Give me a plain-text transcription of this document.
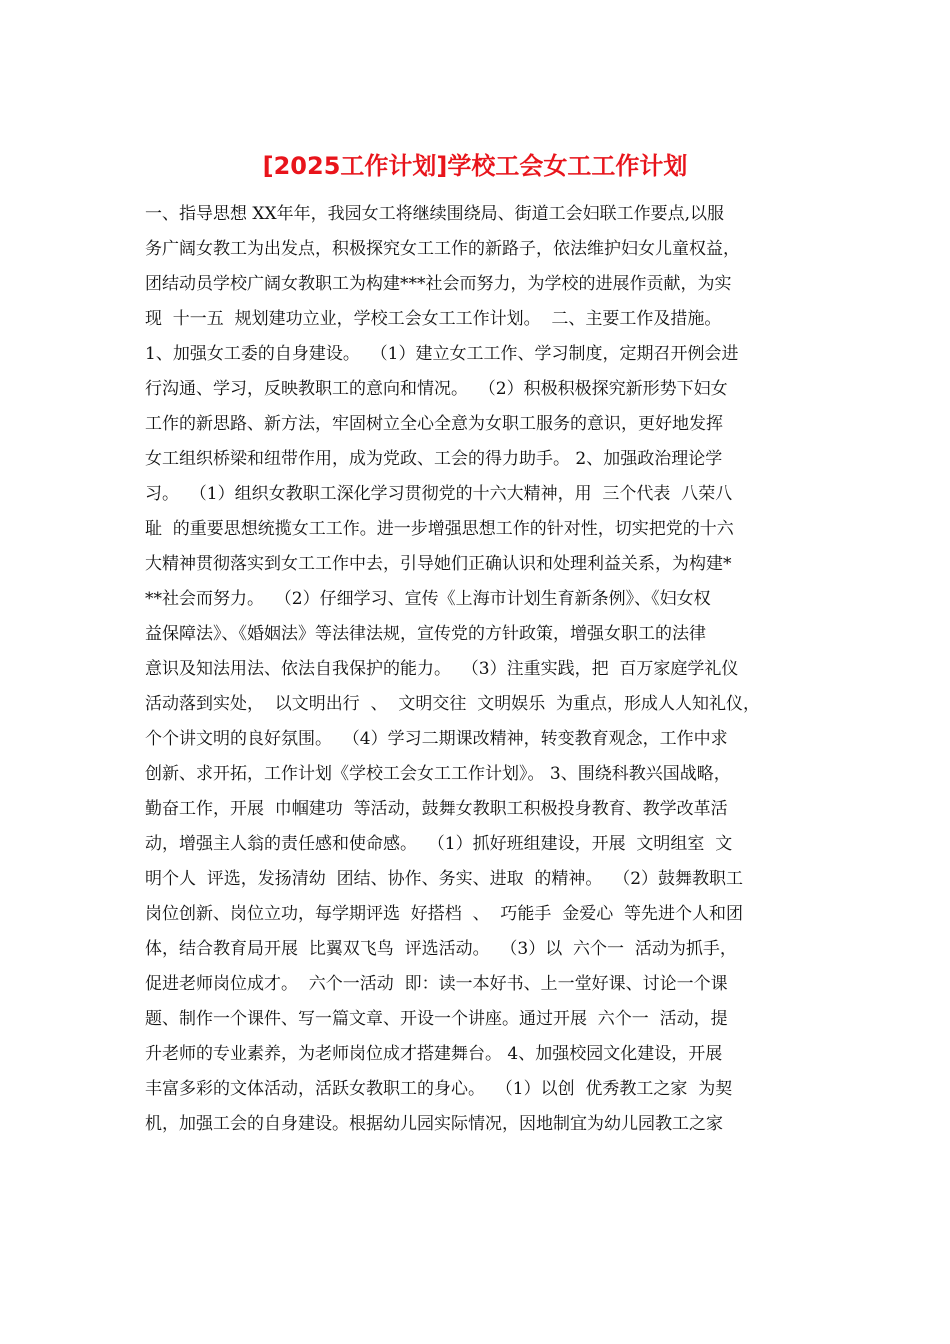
[2025工作计划]学校工会女工工作计划
一、指导思想 XX年年，我园女工将继续围绕局、街道工会妇联工作要点,以服
务广阔女教工为出发点，积极探究女工工作的新路子，依法维护妇女儿童权益，
团结动员学校广阔女教职工为构建***社会而努力，为学校的进展作贡献，为实
现  十一五  规划建功立业，学校工会女工工作计划。  二、主要工作及措施。
1、加强女工委的自身建设。  （1）建立女工工作、学习制度，定期召开例会进
行沟通、学习，反映教职工的意向和情况。  （2）积极积极探究新形势下妇女
工作的新思路、新方法，牢固树立全心全意为女职工服务的意识，更好地发挥
女工组织桥梁和纽带作用，成为党政、工会的得力助手。 2、加强政治理论学
习。  （1）组织女教职工深化学习贯彻党的十六大精神，用  三个代表  八荣八
耻  的重要思想统揽女工工作。进一步增强思想工作的针对性，切实把党的十六
大精神贯彻落实到女工工作中去，引导她们正确认识和处理利益关系，为构建*
**社会而努力。  （2）仔细学习、宣传《上海市计划生育新条例》、《妇女权
益保障法》、《婚姻法》等法律法规，宣传党的方针政策，增强女职工的法律
意识及知法用法、依法自我保护的能力。  （3）注重实践，把  百万家庭学礼仪
活动落到实处，  以文明出行  、  文明交往  文明娱乐  为重点，形成人人知礼仪，
个个讲文明的良好氛围。  （4）学习二期课改精神，转变教育观念，工作中求
创新、求开拓，工作计划《学校工会女工工作计划》。 3、围绕科教兴国战略，
勤奋工作，开展  巾帼建功  等活动，鼓舞女教职工积极投身教育、教学改革活
动，增强主人翁的责任感和使命感。  （1）抓好班组建设，开展  文明组室  文
明个人  评选，发扬清幼  团结、协作、务实、进取  的精神。  （2）鼓舞教职工
岗位创新、岗位立功，每学期评选  好搭档  、  巧能手  金爱心  等先进个人和团
体，结合教育局开展  比翼双飞鸟  评选活动。  （3）以  六个一  活动为抓手，
促进老师岗位成才。  六个一活动  即：读一本好书、上一堂好课、讨论一个课
题、制作一个课件、写一篇文章、开设一个讲座。通过开展  六个一  活动，提
升老师的专业素养，为老师岗位成才搭建舞台。 4、加强校园文化建设，开展
丰富多彩的文体活动，活跃女教职工的身心。  （1）以创  优秀教工之家  为契
机，加强工会的自身建设。根据幼儿园实际情况，因地制宜为幼儿园教工之家
